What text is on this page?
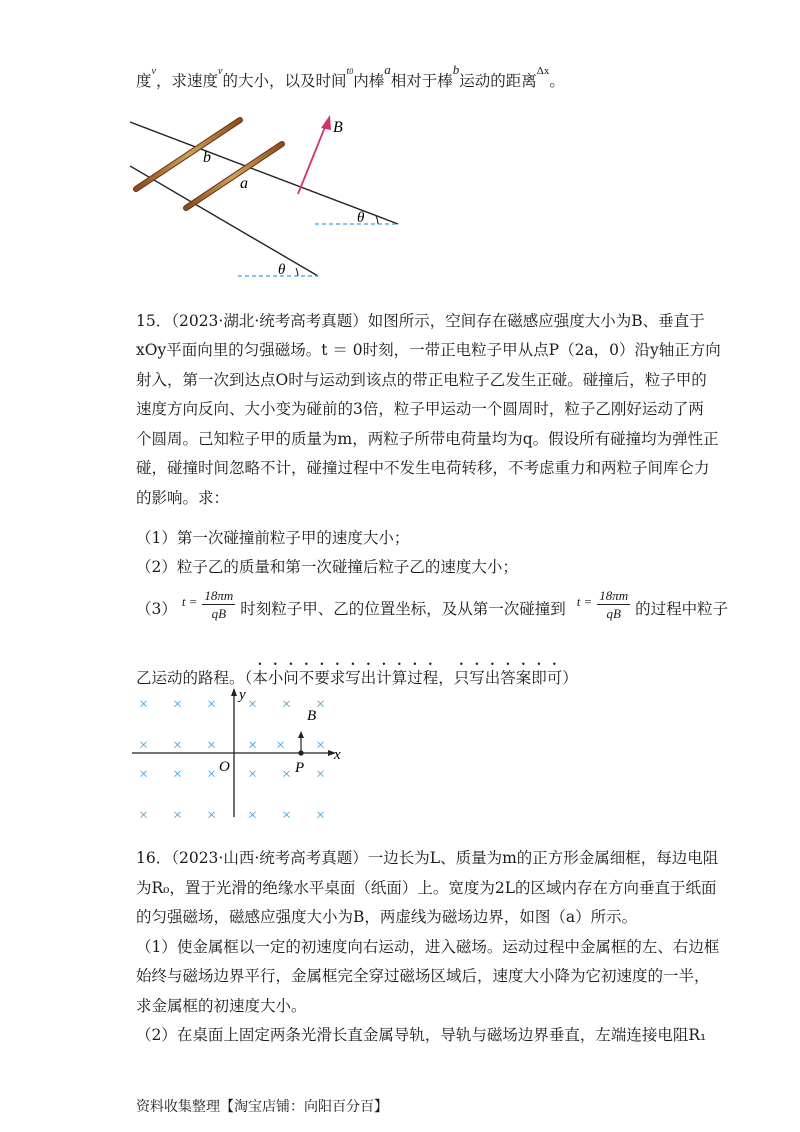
度$^v$，求速度$^v$的大小，以及时间$^{t0}$内棒$^a$相对于棒$^b$运动的距离$^{\Delta x}$。
b
a
B
θ
θ
15．（2023·湖北·统考高考真题）如图所示，空间存在磁感应强度大小为B、垂直于
xOy平面向里的匀强磁场。t ＝ 0时刻，一带正电粒子甲从点P（2a，0）沿y轴正方向
射入，第一次到达点O时与运动到该点的带正电粒子乙发生正碰。碰撞后，粒子甲的
速度方向反向、大小变为碰前的3倍，粒子甲运动一个圆周时，粒子乙刚好运动了两
个圆周。己知粒子甲的质量为m，两粒子所带电荷量均为q。假设所有碰撞均为弹性正
碰，碰撞时间忽略不计，碰撞过程中不发生电荷转移，不考虑重力和两粒子间库仑力
的影响。求：
（1）第一次碰撞前粒子甲的速度大小；
（2）粒子乙的质量和第一次碰撞后粒子乙的速度大小；
（3） $^{t =} \frac{18\pi m}{qB}$ 时刻粒子甲、乙的位置坐标，及从第一次碰撞到 $^{t =} \frac{18\pi m}{qB}$ 的过程中粒子
乙运动的路程。（本小问不要求写出计算过程，只写出答案即可）
y
x
O	P
B
× × × × × ×
× × × × × ×
× × × × × ×
× × × × × ×
16．（2023·山西·统考高考真题）一边长为L、质量为m的正方形金属细框，每边电阻
为R₀，置于光滑的绝缘水平桌面（纸面）上。宽度为2L的区域内存在方向垂直于纸面
的匀强磁场，磁感应强度大小为B，两虚线为磁场边界，如图（a）所示。
（1）使金属框以一定的初速度向右运动，进入磁场。运动过程中金属框的左、右边框
始终与磁场边界平行，金属框完全穿过磁场区域后，速度大小降为它初速度的一半，
求金属框的初速度大小。
（2）在桌面上固定两条光滑长直金属导轨，导轨与磁场边界垂直，左端连接电阻R₁
资料收集整理【淘宝店铺：向阳百分百】
